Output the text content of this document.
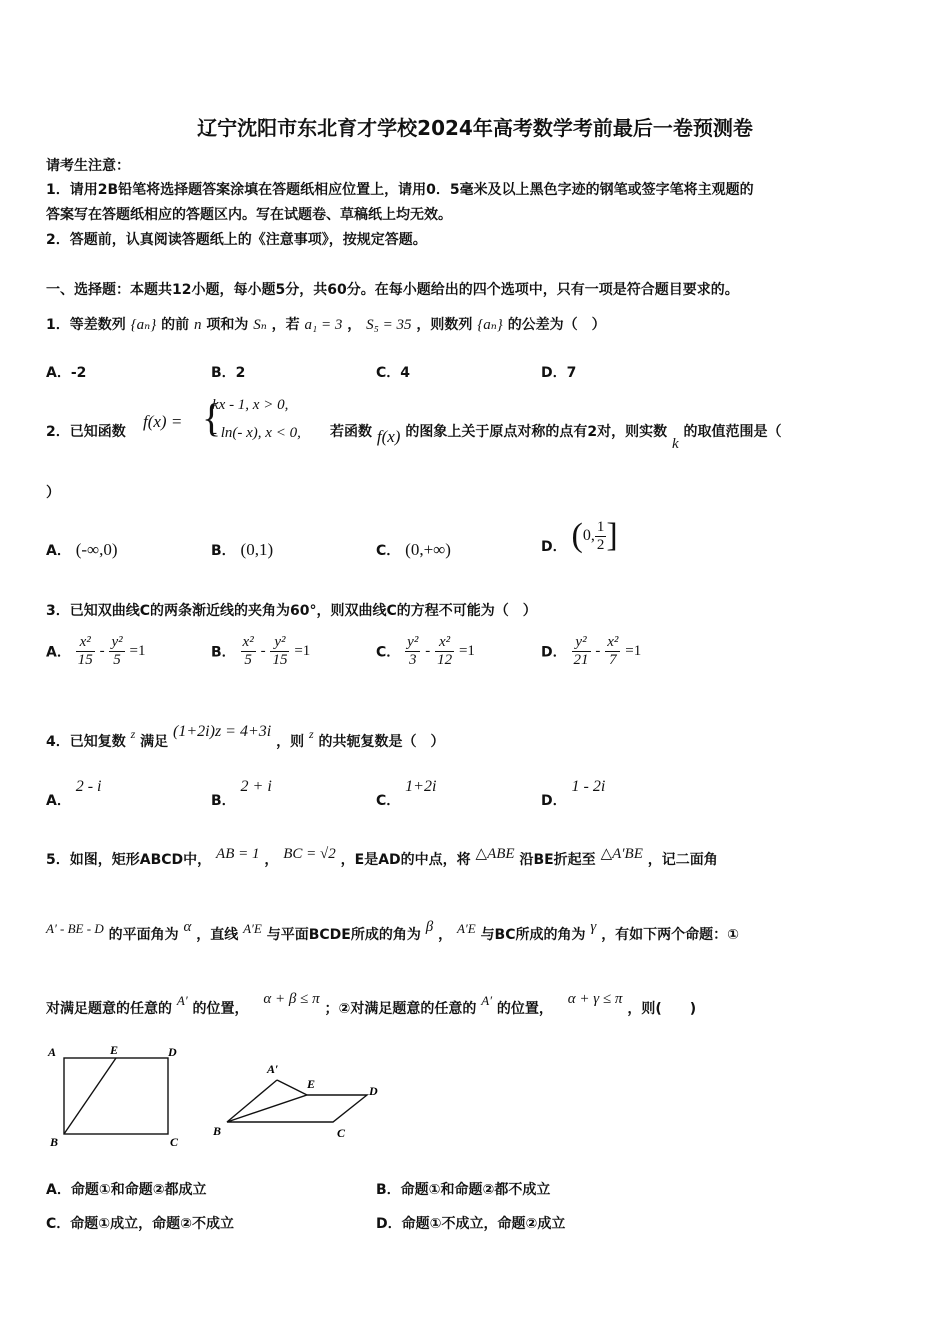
辽宁沈阳市东北育才学校2024年高考数学考前最后一卷预测卷
请考生注意：
1．请用2B铅笔将选择题答案涂填在答题纸相应位置上，请用0．5毫米及以上黑色字迹的钢笔或签字笔将主观题的
答案写在答题纸相应的答题区内。写在试题卷、草稿纸上均无效。
2．答题前，认真阅读答题纸上的《注意事项》，按规定答题。
一、选择题：本题共12小题，每小题5分，共60分。在每小题给出的四个选项中，只有一项是符合题目要求的。
1．等差数列 {aₙ} 的前 n 项和为 Sₙ ，若 a₁ = 3 ， S₅ = 35 ，则数列 {aₙ} 的公差为（　）
A．-2	B．2	C．4	D．7
2．已知函数
f(x) = {
kx - 1, x > 0,
- ln(- x), x < 0, 若函数 f(x) 的图象上关于原点对称的点有2对，则实数 k 的取值范围是（
）
A． (-∞,0)	B． (0,1)	C． (0,+∞)	D． (0, $\frac{1}{2}$ ]
3．已知双曲线C的两条渐近线的夹角为60°，则双曲线C的方程不可能为（　）
A． $\frac{\text{x²}}{15} - \frac{\text{y²}}{5} =1$	B． $\frac{\text{x²}}{5} - \frac{\text{y²}}{15} =1$	C． $\frac{\text{y²}}{3} - \frac{\text{x²}}{12} =1$	D． $\frac{\text{y²}}{21} - \frac{\text{x²}}{7} =1$
4．已知复数 z 满足 (1+2i)z = 4+3i ，则 z 的共轭复数是（　）
A． 2 - i
B． 2 + i
C． 1+2i
D． 1 - 2i
5．如图，矩形ABCD中， AB = 1 ， BC = √2 ，E是AD的中点，将 △ABE 沿BE折起至 △A′BE ，记二面角
A′ - BE - D 的平面角为 α ，直线 A′E 与平面BCDE所成的角为 β ， A′E 与BC所成的角为 γ ，有如下两个命题：①
对满足题意的任意的 A′ 的位置， α + β ≤ π ；②对满足题意的任意的 A′ 的位置， α + γ ≤ π ，则(　　)
A	E	D
B	C
A′
E	D
B	C
A．命题①和命题②都成立	B．命题①和命题②都不成立
C．命题①成立，命题②不成立	D．命题①不成立，命题②成立
